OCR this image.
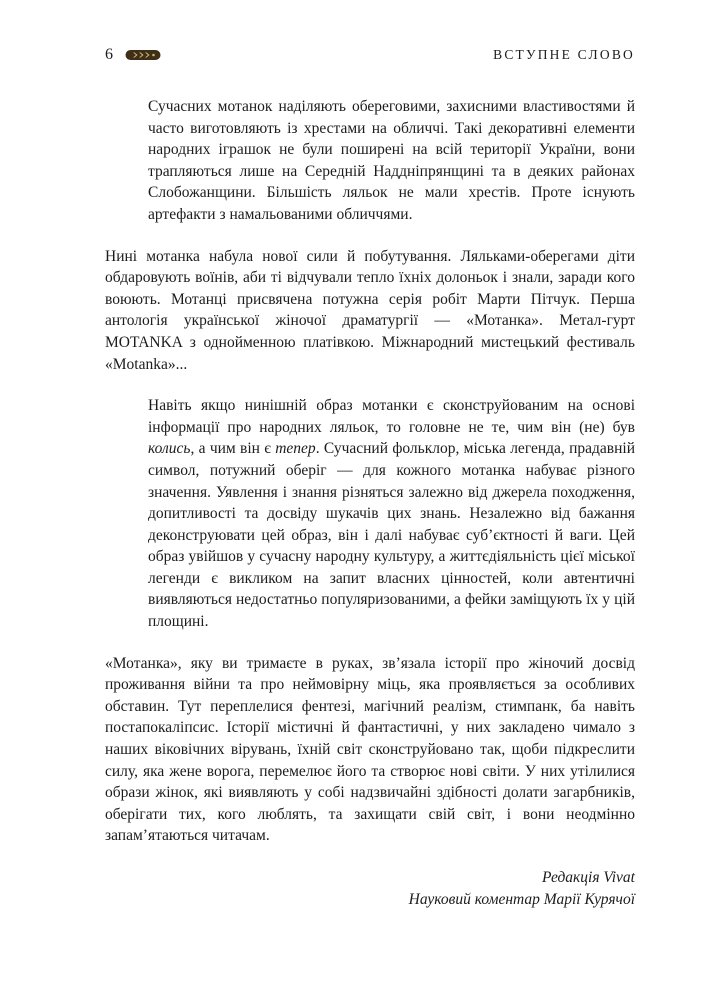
6	ВСТУПНЕ СЛОВО

Сучасних мотанок наділяють обереговими, захисними властивостями й часто виготовляють із хрестами на обличчі. Такі декоративні елементи народних іграшок не були поширені на всій території України, вони трапляються лише на Середній Наддніпрянщині та в деяких районах Слобожанщини. Більшість ляльок не мали хрестів. Проте існують артефакти з намальованими обличчями.

Нині мотанка набула нової сили й побутування. Ляльками-оберегами діти обдаровують воїнів, аби ті відчували тепло їхніх долоньок і знали, заради кого воюють. Мотанці присвячена потужна серія робіт Марти Пітчук. Перша антологія української жіночої драматургії — «Мотанка». Метал-гурт MOTANKA з однойменною платівкою. Міжнародний мистецький фестиваль «Motanka»...

Навіть якщо нинішній образ мотанки є сконструйованим на основі інформації про народних ляльок, то головне не те, чим він (не) був колись, а чим він є тепер. Сучасний фольклор, міська легенда, прадавній символ, потужний оберіг — для кожного мотанка набуває різного значення. Уявлення і знання різняться залежно від джерела походження, допитливості та досвіду шукачів цих знань. Незалежно від бажання деконструювати цей образ, він і далі набуває суб’єктності й ваги. Цей образ увійшов у сучасну народну культуру, а життєдіяльність цієї міської легенди є викликом на запит власних цінностей, коли автентичні виявляються недостатньо популяризованими, а фейки заміщують їх у цій площині.

«Мотанка», яку ви тримаєте в руках, зв’язала історії про жіночий досвід проживання війни та про неймовірну міць, яка проявляється за особливих обставин. Тут переплелися фентезі, магічний реалізм, стимпанк, ба навіть постапокаліпсис. Історії містичні й фантастичні, у них закладено чимало з наших віковічних вірувань, їхній світ сконструйовано так, щоби підкреслити силу, яка жене ворога, перемелює його та створює нові світи. У них утілилися образи жінок, які виявляють у собі надзвичайні здібності долати загарбників, оберігати тих, кого люблять, та захищати свій світ, і вони неодмінно запам’ятаються читачам.

Редакція Vivat

Науковий коментар Марії Курячої
